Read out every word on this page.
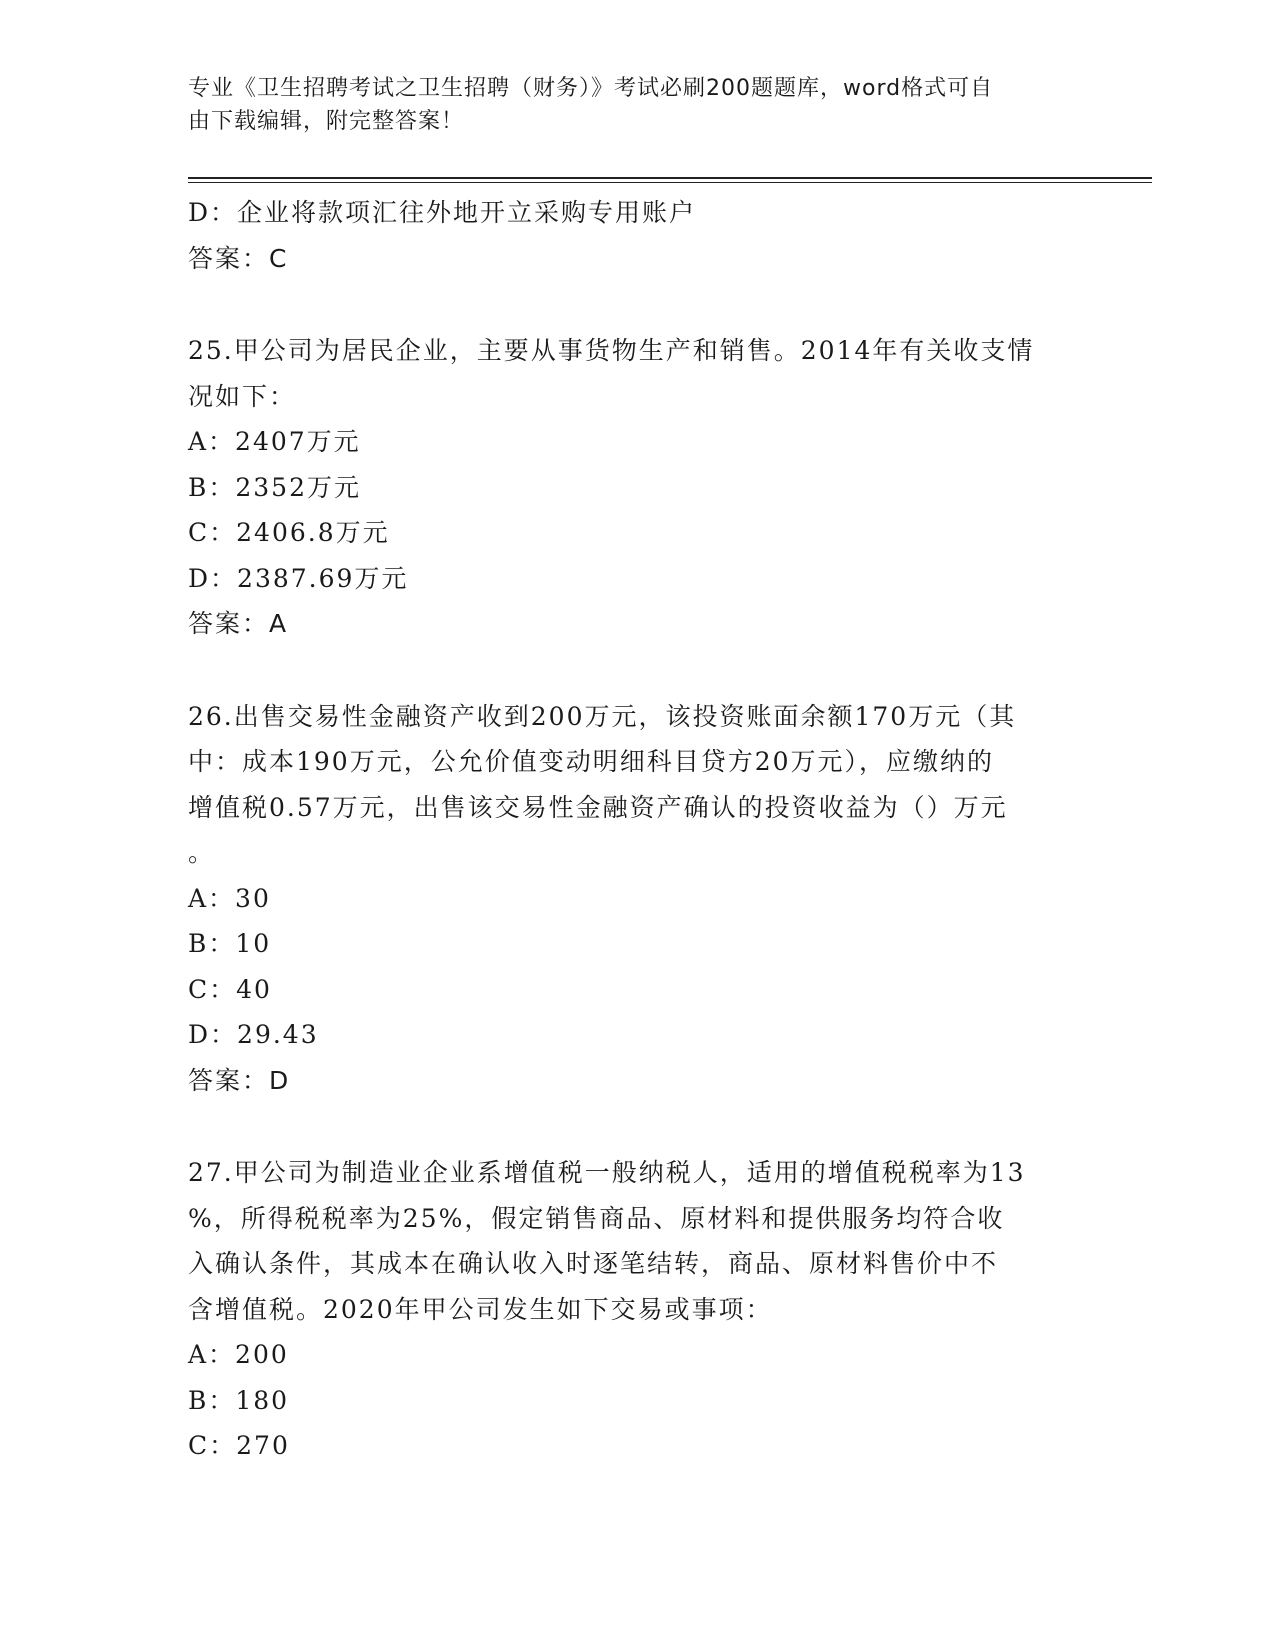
专业《卫生招聘考试之卫生招聘（财务）》考试必刷200题题库，word格式可自
由下载编辑，附完整答案！
D：企业将款项汇往外地开立采购专用账户
答案：C
25.甲公司为居民企业，主要从事货物生产和销售。2014年有关收支情
况如下：
A：2407万元
B：2352万元
C：2406.8万元
D：2387.69万元
答案：A
26.出售交易性金融资产收到200万元，该投资账面余额170万元（其
中：成本190万元，公允价值变动明细科目贷方20万元），应缴纳的
增值税0.57万元，出售该交易性金融资产确认的投资收益为（）万元
。
A：30
B：10
C：40
D：29.43
答案：D
27.甲公司为制造业企业系增值税一般纳税人，适用的增值税税率为13
%，所得税税率为25%，假定销售商品、原材料和提供服务均符合收
入确认条件，其成本在确认收入时逐笔结转，商品、原材料售价中不
含增值税。2020年甲公司发生如下交易或事项：
A：200
B：180
C：270
